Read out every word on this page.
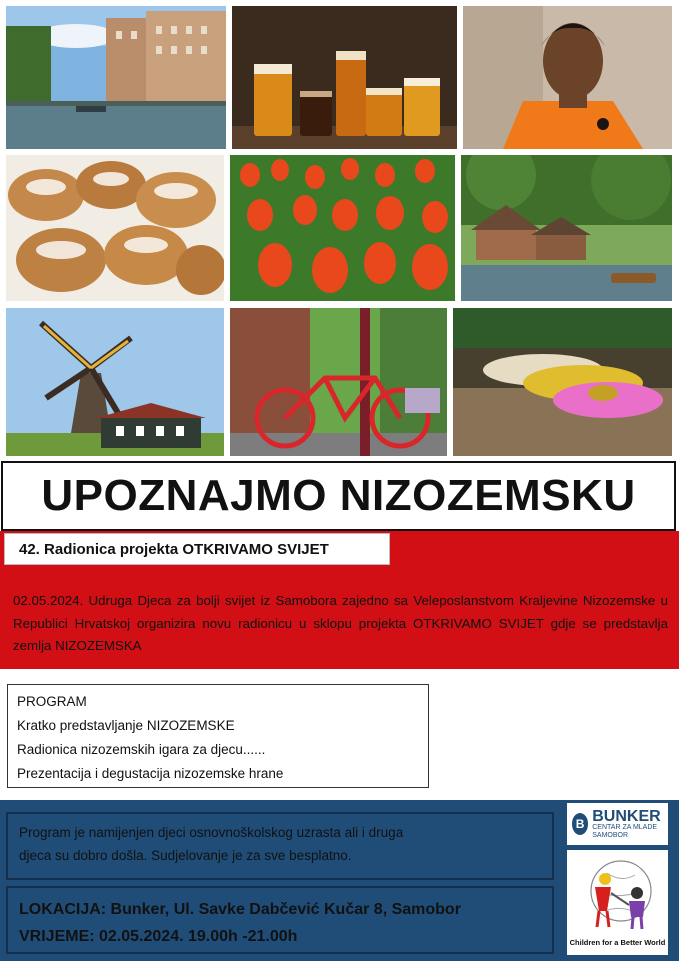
UPOZNAJMO NIZOZEMSKU
42. Radionica projekta OTKRIVAMO SVIJET
02.05.2024. Udruga Djeca za bolji svijet iz Samobora zajedno sa Veleposlanstvom Kraljevine Nizozemske u Republici Hrvatskoj organizira novu radionicu u sklopu projekta OTKRIVAMO SVIJET gdje se predstavlja zemlja NIZOZEMSKA
PROGRAM
Kratko predstavljanje NIZOZEMSKE
Radionica nizozemskih igara za djecu......
Prezentacija i degustacija nizozemske hrane
Program je namijenjen djeci osnovnoškolskog uzrasta ali i druga
djeca su dobro došla. Sudjelovanje je za sve besplatno.
LOKACIJA: Bunker, Ul. Savke Dabčević Kučar 8, Samobor
VRIJEME: 02.05.2024. 19.00h -21.00h
B BUNKER
CENTAR ZA MLADE SAMOBOR
Children for a Better World
